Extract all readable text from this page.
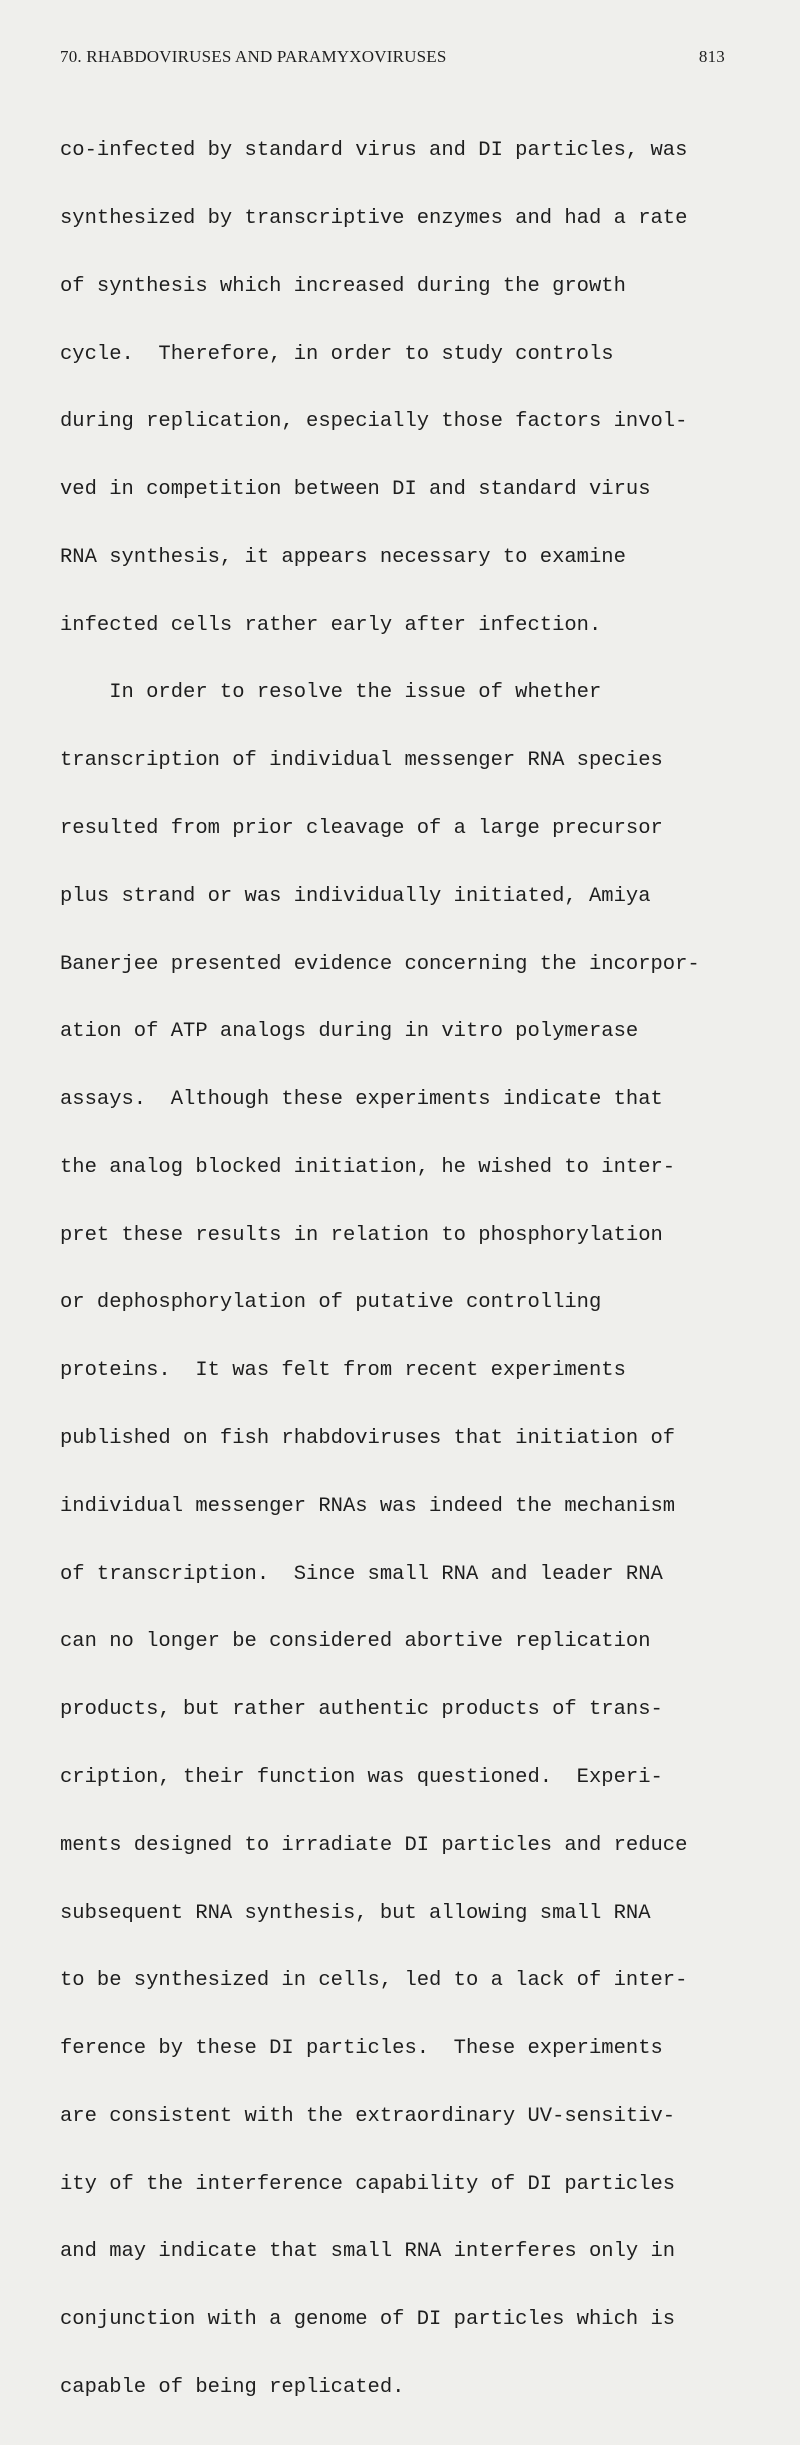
70. RHABDOVIRUSES AND PARAMYXOVIRUSES	813

co-infected by standard virus and DI particles, was

synthesized by transcriptive enzymes and had a rate

of synthesis which increased during the growth

cycle.  Therefore, in order to study controls

during replication, especially those factors invol-

ved in competition between DI and standard virus

RNA synthesis, it appears necessary to examine

infected cells rather early after infection.

In order to resolve the issue of whether

transcription of individual messenger RNA species

resulted from prior cleavage of a large precursor

plus strand or was individually initiated, Amiya

Banerjee presented evidence concerning the incorpor-

ation of ATP analogs during in vitro polymerase

assays.  Although these experiments indicate that

the analog blocked initiation, he wished to inter-

pret these results in relation to phosphorylation

or dephosphorylation of putative controlling

proteins.  It was felt from recent experiments

published on fish rhabdoviruses that initiation of

individual messenger RNAs was indeed the mechanism

of transcription.  Since small RNA and leader RNA

can no longer be considered abortive replication

products, but rather authentic products of trans-

cription, their function was questioned.  Experi-

ments designed to irradiate DI particles and reduce

subsequent RNA synthesis, but allowing small RNA

to be synthesized in cells, led to a lack of inter-

ference by these DI particles.  These experiments

are consistent with the extraordinary UV-sensitiv-

ity of the interference capability of DI particles

and may indicate that small RNA interferes only in

conjunction with a genome of DI particles which is

capable of being replicated.
